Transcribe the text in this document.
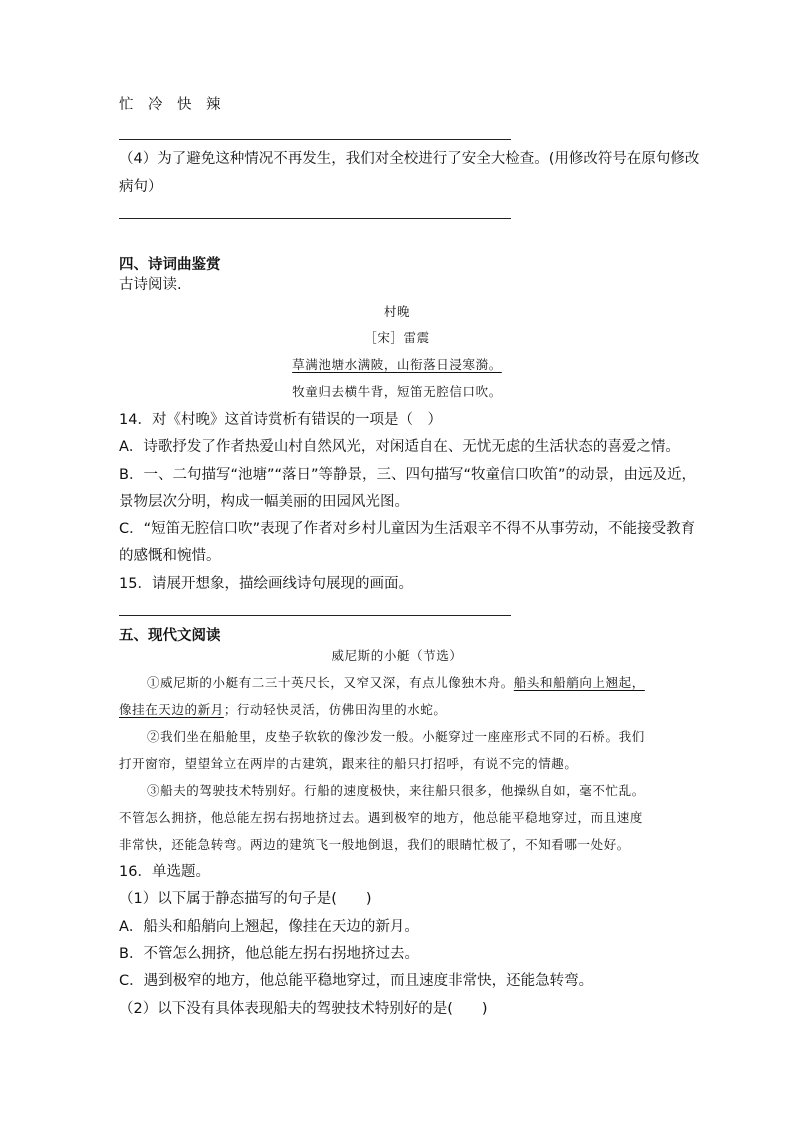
忙　冷　快　辣
（4）为了避免这种情况不再发生，我们对全校进行了安全大检查。(用修改符号在原句修改
病句）
四、诗词曲鉴赏
古诗阅读.
村晚
［宋］雷震
草满池塘水满陂，山衔落日浸寒漪。
牧童归去横牛背，短笛无腔信口吹。
14．对《村晚》这首诗赏析有错误的一项是（　）
A．诗歌抒发了作者热爱山村自然风光，对闲适自在、无忧无虑的生活状态的喜爱之情。
B．一、二句描写“池塘”“落日”等静景，三、四句描写“牧童信口吹笛”的动景，由远及近，
景物层次分明，构成一幅美丽的田园风光图。
C．“短笛无腔信口吹”表现了作者对乡村儿童因为生活艰辛不得不从事劳动，不能接受教育
的感慨和惋惜。
15．请展开想象，描绘画线诗句展现的画面。
五、现代文阅读
威尼斯的小艇（节选）
①威尼斯的小艇有二三十英尺长，又窄又深，有点儿像独木舟。船头和船艄向上翘起，
像挂在天边的新月；行动轻快灵活，仿佛田沟里的水蛇。
②我们坐在船舱里，皮垫子软软的像沙发一般。小艇穿过一座座形式不同的石桥。我们
打开窗帘，望望耸立在两岸的古建筑，跟来往的船只打招呼，有说不完的情趣。
③船夫的驾驶技术特别好。行船的速度极快，来往船只很多，他操纵自如，毫不忙乱。
不管怎么拥挤，他总能左拐右拐地挤过去。遇到极窄的地方，他总能平稳地穿过，而且速度
非常快，还能急转弯。两边的建筑飞一般地倒退，我们的眼睛忙极了，不知看哪一处好。
16．单选题。
（1）以下属于静态描写的句子是(　　)
A．船头和船艄向上翘起，像挂在天边的新月。
B．不管怎么拥挤，他总能左拐右拐地挤过去。
C．遇到极窄的地方，他总能平稳地穿过，而且速度非常快，还能急转弯。
（2）以下没有具体表现船夫的驾驶技术特别好的是(　　)
